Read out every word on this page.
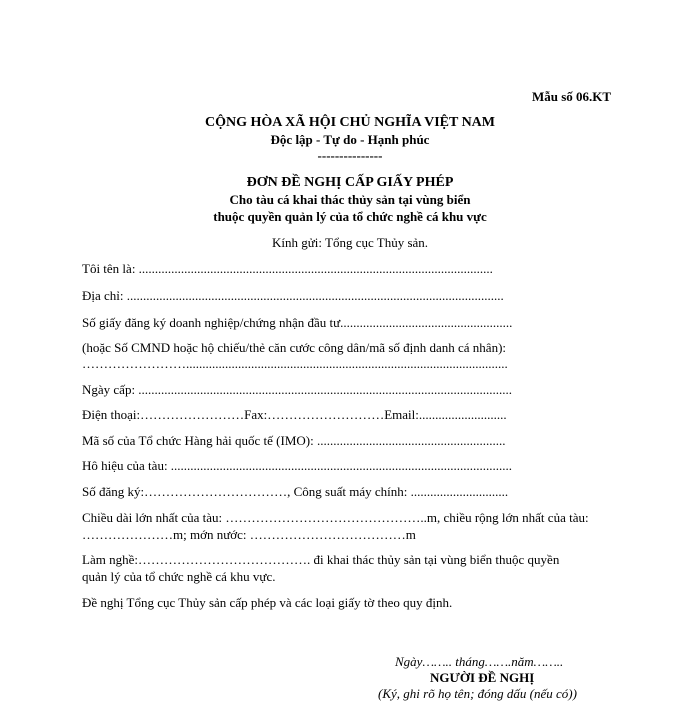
Mẫu số 06.KT
CỘNG HÒA XÃ HỘI CHỦ NGHĨA VIỆT NAM
Độc lập - Tự do - Hạnh phúc
---------------
ĐƠN ĐỀ NGHỊ CẤP GIẤY PHÉP
Cho tàu cá khai thác thủy sản tại vùng biển
thuộc quyền quản lý của tổ chức nghề cá khu vực
Kính gửi: Tổng cục Thủy sản.
Tôi tên là: .............................................................................................................
Địa chỉ: ....................................................................................................................
Số giấy đăng ký doanh nghiệp/chứng nhận đầu tư.....................................................
(hoặc Số CMND hoặc hộ chiếu/thẻ căn cước công dân/mã số định danh cá nhân):
……………………...................................................................................................
Ngày cấp: ...................................................................................................................
Điện thoại:……………………Fax:………………………Email:...........................
Mã số của Tổ chức Hàng hải quốc tế (IMO): ..........................................................
Hô hiệu của tàu: .........................................................................................................
Số đăng ký:……………………………, Công suất máy chính: ..............................
Chiều dài lớn nhất của tàu: ………………………………………..m, chiều rộng lớn nhất của tàu:
…………………m; mớn nước: ………………………………m
Làm nghề:…………………………………. đi khai thác thủy sản tại vùng biển thuộc quyền
quản lý của tổ chức nghề cá khu vực.
Đề nghị Tổng cục Thủy sản cấp phép và các loại giấy tờ theo quy định.
Ngày…….. tháng…….năm……..
NGƯỜI ĐỀ NGHỊ
(Ký, ghi rõ họ tên; đóng dấu (nếu có))
